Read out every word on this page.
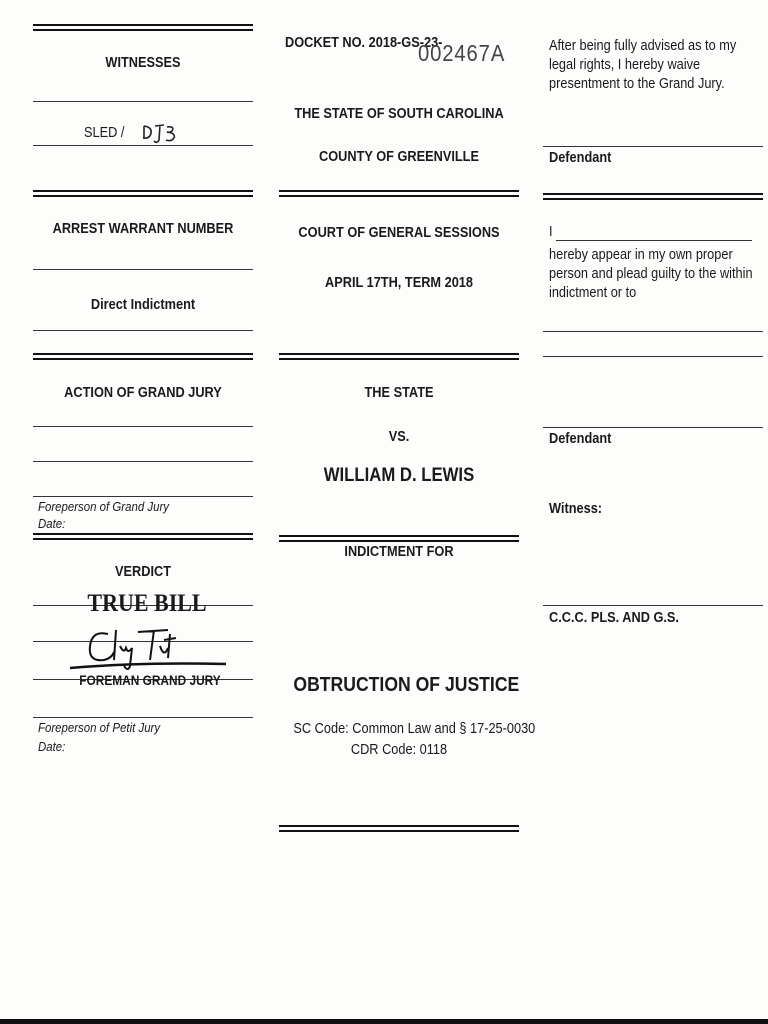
WITNESSES
SLED /
ARREST WARRANT NUMBER
Direct Indictment
ACTION OF GRAND JURY
Foreperson of Grand Jury
Date:
VERDICT
TRUE BILL
FOREMAN GRAND JURY
Foreperson of Petit Jury
Date:
DOCKET NO. 2018-GS-23-
002467A
THE STATE OF SOUTH CAROLINA
COUNTY OF GREENVILLE
COURT OF GENERAL SESSIONS
APRIL 17TH, TERM 2018
THE STATE
VS.
WILLIAM D. LEWIS
INDICTMENT FOR
OBTRUCTION OF JUSTICE
SC Code: Common Law and § 17-25-0030
CDR Code: 0118
After being fully advised as to my legal rights, I hereby waive presentment to the Grand Jury.
Defendant
I
hereby appear in my own proper person and plead guilty to the within indictment or to
Defendant
Witness:
C.C.C. PLS. AND G.S.
